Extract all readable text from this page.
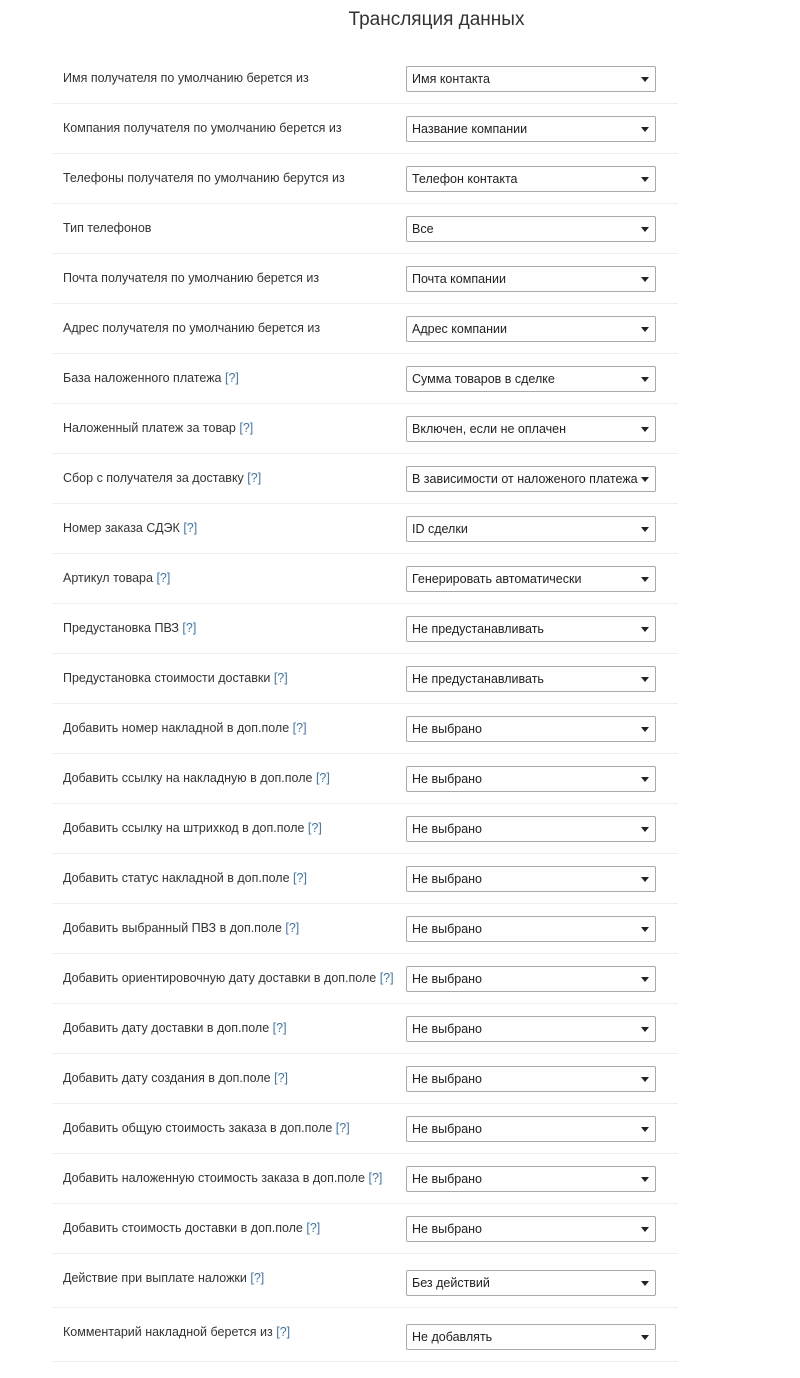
Трансляция данных
Имя получателя по умолчанию берется из	Имя контакта
Компания получателя по умолчанию берется из	Название компании
Телефоны получателя по умолчанию берутся из	Телефон контакта
Тип телефонов	Все
Почта получателя по умолчанию берется из	Почта компании
Адрес получателя по умолчанию берется из	Адрес компании
База наложенного платежа [?]	Сумма товаров в сделке
Наложенный платеж за товар [?]	Включен, если не оплачен
Сбор с получателя за доставку [?]	В зависимости от наложеного платежа
Номер заказа СДЭК [?]	ID сделки
Артикул товара [?]	Генерировать автоматически
Предустановка ПВЗ [?]	Не предустанавливать
Предустановка стоимости доставки [?]	Не предустанавливать
Добавить номер накладной в доп.поле [?]	Не выбрано
Добавить ссылку на накладную в доп.поле [?]	Не выбрано
Добавить ссылку на штрихкод в доп.поле [?]	Не выбрано
Добавить статус накладной в доп.поле [?]	Не выбрано
Добавить выбранный ПВЗ в доп.поле [?]	Не выбрано
Добавить ориентировочную дату доставки в доп.поле [?]	Не выбрано
Добавить дату доставки в доп.поле [?]	Не выбрано
Добавить дату создания в доп.поле [?]	Не выбрано
Добавить общую стоимость заказа в доп.поле [?]	Не выбрано
Добавить наложенную стоимость заказа в доп.поле [?]	Не выбрано
Добавить стоимость доставки в доп.поле [?]	Не выбрано
Действие при выплате наложки [?]	Без действий
Комментарий накладной берется из [?]	Не добавлять
